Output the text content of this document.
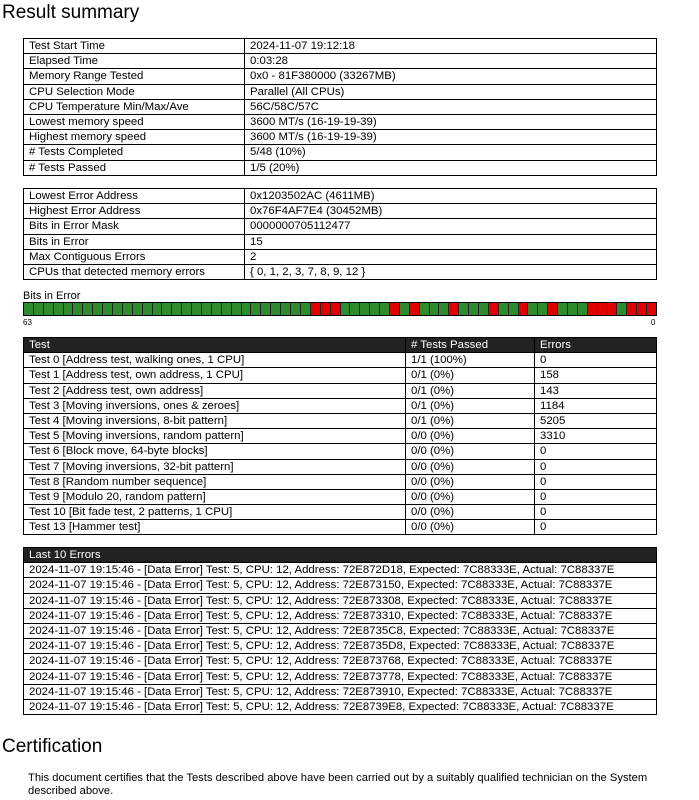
Result summary
Test Start Time	2024-11-07 19:12:18
Elapsed Time	0:03:28
Memory Range Tested	0x0 - 81F380000 (33267MB)
CPU Selection Mode	Parallel (All CPUs)
CPU Temperature Min/Max/Ave	56C/58C/57C
Lowest memory speed	3600 MT/s (16-19-19-39)
Highest memory speed	3600 MT/s (16-19-19-39)
# Tests Completed	5/48 (10%)
# Tests Passed	1/5 (20%)
Lowest Error Address	0x1203502AC (4611MB)
Highest Error Address	0x76F4AF7E4 (30452MB)
Bits in Error Mask	0000000705112477
Bits in Error	15
Max Contiguous Errors	2
CPUs that detected memory errors	{ 0, 1, 2, 3, 7, 8, 9, 12 }
Bits in Error
63	0
Test	# Tests Passed	Errors
Test 0 [Address test, walking ones, 1 CPU]	1/1 (100%)	0
Test 1 [Address test, own address, 1 CPU]	0/1 (0%)	158
Test 2 [Address test, own address]	0/1 (0%)	143
Test 3 [Moving inversions, ones & zeroes]	0/1 (0%)	1184
Test 4 [Moving inversions, 8-bit pattern]	0/1 (0%)	5205
Test 5 [Moving inversions, random pattern]	0/0 (0%)	3310
Test 6 [Block move, 64-byte blocks]	0/0 (0%)	0
Test 7 [Moving inversions, 32-bit pattern]	0/0 (0%)	0
Test 8 [Random number sequence]	0/0 (0%)	0
Test 9 [Modulo 20, random pattern]	0/0 (0%)	0
Test 10 [Bit fade test, 2 patterns, 1 CPU]	0/0 (0%)	0
Test 13 [Hammer test]	0/0 (0%)	0
Last 10 Errors
2024-11-07 19:15:46 - [Data Error] Test: 5, CPU: 12, Address: 72E872D18, Expected: 7C88333E, Actual: 7C88337E
2024-11-07 19:15:46 - [Data Error] Test: 5, CPU: 12, Address: 72E873150, Expected: 7C88333E, Actual: 7C88337E
2024-11-07 19:15:46 - [Data Error] Test: 5, CPU: 12, Address: 72E873308, Expected: 7C88333E, Actual: 7C88337E
2024-11-07 19:15:46 - [Data Error] Test: 5, CPU: 12, Address: 72E873310, Expected: 7C88333E, Actual: 7C88337E
2024-11-07 19:15:46 - [Data Error] Test: 5, CPU: 12, Address: 72E8735C8, Expected: 7C88333E, Actual: 7C88337E
2024-11-07 19:15:46 - [Data Error] Test: 5, CPU: 12, Address: 72E8735D8, Expected: 7C88333E, Actual: 7C88337E
2024-11-07 19:15:46 - [Data Error] Test: 5, CPU: 12, Address: 72E873768, Expected: 7C88333E, Actual: 7C88337E
2024-11-07 19:15:46 - [Data Error] Test: 5, CPU: 12, Address: 72E873778, Expected: 7C88333E, Actual: 7C88337E
2024-11-07 19:15:46 - [Data Error] Test: 5, CPU: 12, Address: 72E873910, Expected: 7C88333E, Actual: 7C88337E
2024-11-07 19:15:46 - [Data Error] Test: 5, CPU: 12, Address: 72E8739E8, Expected: 7C88333E, Actual: 7C88337E
Certification

This document certifies that the Tests described above have been carried out by a suitably qualified technician on the System described above.
